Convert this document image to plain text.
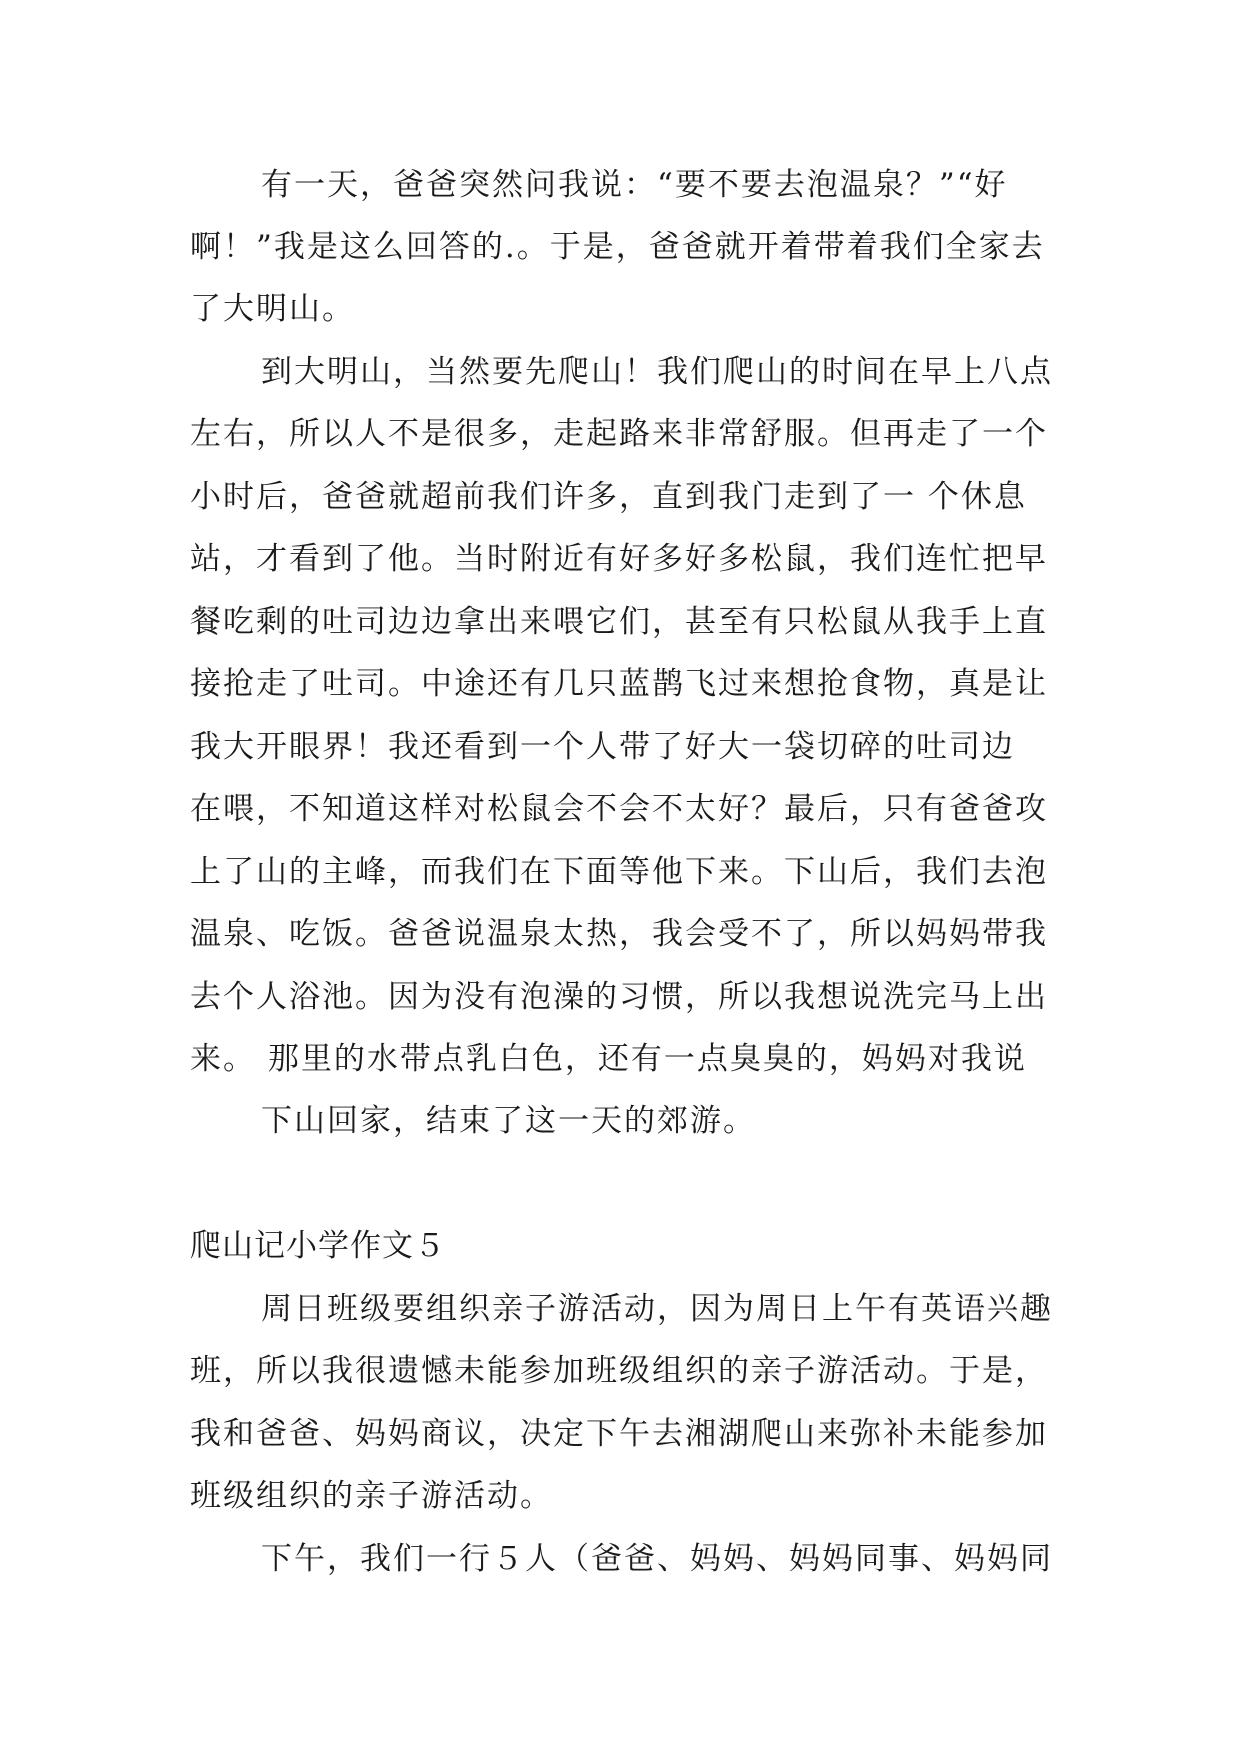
有一天，爸爸突然问我说：“要不要去泡温泉？”“好
啊！”我是这么回答的.。于是，爸爸就开着带着我们全家去
了大明山。
到大明山，当然要先爬山！我们爬山的时间在早上八点
左右，所以人不是很多，走起路来非常舒服。但再走了一个
小时后，爸爸就超前我们许多，直到我门走到了一 个休息
站，才看到了他。当时附近有好多好多松鼠，我们连忙把早
餐吃剩的吐司边边拿出来喂它们，甚至有只松鼠从我手上直
接抢走了吐司。中途还有几只蓝鹊飞过来想抢食物，真是让
我大开眼界！我还看到一个人带了好大一袋切碎的吐司边
在喂，不知道这样对松鼠会不会不太好？最后，只有爸爸攻
上了山的主峰，而我们在下面等他下来。下山后，我们去泡
温泉、吃饭。爸爸说温泉太热，我会受不了，所以妈妈带我
去个人浴池。因为没有泡澡的习惯，所以我想说洗完马上出
来。 那里的水带点乳白色，还有一点臭臭的，妈妈对我说
下山回家，结束了这一天的郊游。
爬山记小学作文５
周日班级要组织亲子游活动，因为周日上午有英语兴趣
班，所以我很遗憾未能参加班级组织的亲子游活动。于是，
我和爸爸、妈妈商议，决定下午去湘湖爬山来弥补未能参加
班级组织的亲子游活动。
下午，我们一行５人（爸爸、妈妈、妈妈同事、妈妈同
